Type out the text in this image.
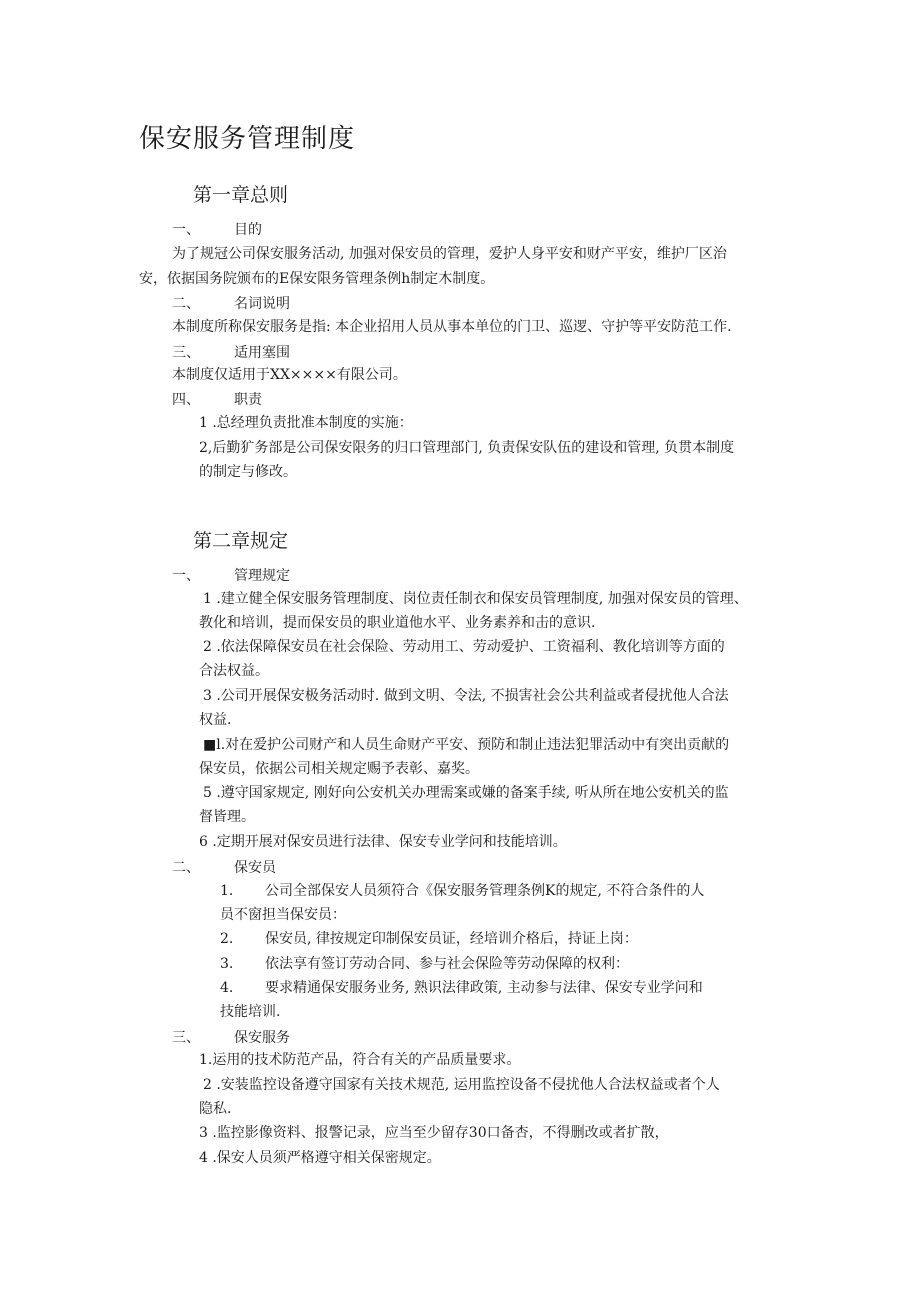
保安服务管理制度
第一章总则
一、 目的

为了规冠公司保安服务活动, 加强对保安员的管理，爱护人身平安和财产平安，维护厂区治

安，依据国务院颁布的E保安限务管理条例h制定木制度。

二、 名词说明

本制度所称保安服务是指: 本企业招用人员从事本单位的门卫、巡逻、守护等平安防范工作.

三、 适用塞围

本制度仅适用于XX××××有限公司。

四、 职责

1 .总经理负责批准本制度的实施：

2,后勤犷务部是公司保安限务的归口管理部门, 负责保安队伍的建设和管理, 负贯本制度

的制定与修改。

第二章规定
一、 管理规定

1 .建立健全保安服务管理制度、岗位责任制衣和保安员管理制度, 加强对保安员的管理、

教化和培训，提而保安员的职业道他水平、业务素养和击的意识.

2 .依法保障保安员在社会保险、劳动用工、劳动爱护、工资福利、教化培训等方面的

合法权益。

3 .公司开展保安极务活动时. 做到文明、令法, 不损害社会公共利益或者侵扰他人合法

权益.

■l.对在爱护公司财产和人员生命财产平安、预防和制止违法犯罪活动中有突出贡献的

保安员，依据公司相关规定赐予表彰、嘉奖。

5 .遵守国家规定, 刚好向公安机关办理需案或嫌的备案手续, 听从所在地公安机关的监

督皆理。

6 .定期开展对保安员进行法律、保安专业学问和技能培训。

二、 保安员
1. 公司全部保安人员须符合《保安服务管理条例K的规定, 不符合条件的人

员不窗担当保安员：

2. 保安员, 律按规定印制保安员证，经培训介格后，持证上岗：

3. 依法享有签订劳动合同、参与社会保险等劳动保障的权利：

4. 要求精通保安服务业务, 熟识法律政策, 主动参与法律、保安专业学问和

技能培训.

三、 保安服务

1.运用的技术防范产品，符合有关的产品质量要求。

2 .安装监控设备遵守国家有关技术规范, 运用监控设备不侵扰他人合法权益或者个人

隐私.

3 .监控影像资料、报警记录，应当至少留存30口备杏，不得删改或者扩散，

4 .保安人员须严格遵守相关保密规定。
